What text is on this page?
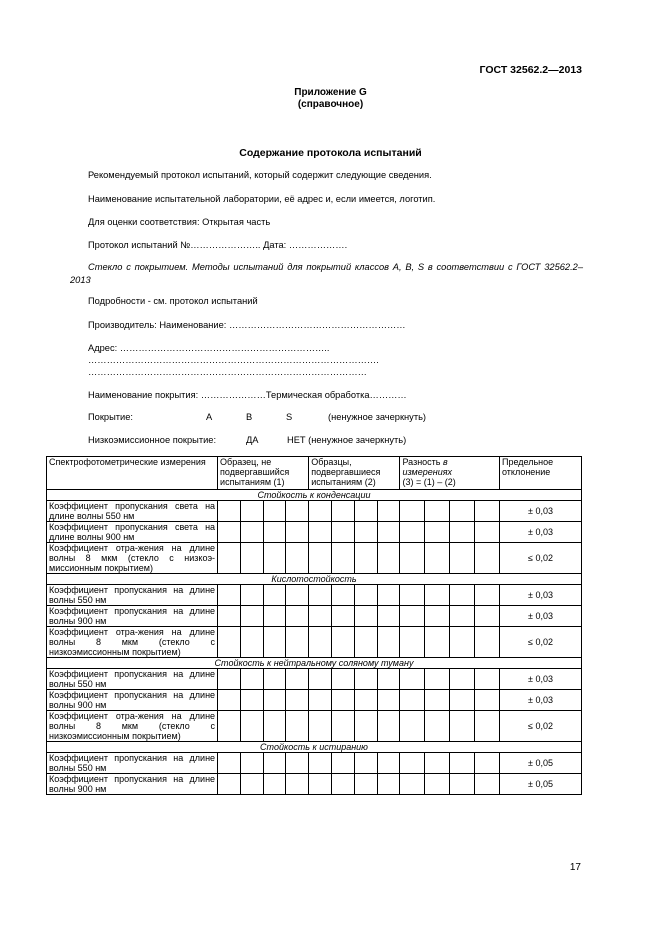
ГОСТ 32562.2—2013
Приложение G
(справочное)
Содержание протокола испытаний
Рекомендуемый протокол испытаний, который содержит следующие сведения.
Наименование испытательной лаборатории, её адрес и, если имеется, логотип.
Для оценки соответствия: Открытая часть
Протокол испытаний №………………….. Дата: ……………….
Стекло с покрытием. Методы испытаний для покрытий классов A, B, S в соответствии с ГОСТ 32562.2–2013
Подробности - см. протокол испытаний
Производитель: Наименование: …………………………………………………
Адрес: …………………………………………………………..
………………………………………………………………………………….
………………………………………………………………………………
Наименование покрытия: …………………Термическая обработка…………
Покрытие:	А	В	S	(ненужное зачеркнуть)
Низкоэмиссионное покрытие:	ДА	НЕТ (ненужное зачеркнуть)
Спектрофотометрические измерения	Образец, не подвергавшийся испытаниям (1)				Образцы, подвергавшиеся испытаниям (2)				Разность в измерениях
(3) = (1) – (2)				Предельное отклонение
Стойкость к конденсации													
Коэффициент пропускания света на длине волны 550 нм													± 0,03
Коэффициент пропускания света на длине волны 900 нм													± 0,03
Коэффициент отра-жения на длине волны 8 мкм (стекло с низкоэ-миссионным покрытием)													≤ 0,02
Кислотостойкость													
Коэффициент пропускания на длине волны 550 нм													± 0,03
Коэффициент пропускания на длине волны 900 нм													± 0,03
Коэффициент отра-жения на длине волны 8 мкм (стекло с низкоэмиссионным покрытием)													≤ 0,02
Стойкость к нейтральному соляному туману													
Коэффициент пропускания на длине волны 550 нм													± 0,03
Коэффициент пропускания на длине волны 900 нм													± 0,03
Коэффициент отра-жения на длине волны 8 мкм (стекло с низкоэмиссионным покрытием)													≤ 0,02
Стойкость к истиранию													
Коэффициент пропускания на длине волны 550 нм													± 0,05
Коэффициент пропускания на длине волны 900 нм													± 0,05
17
